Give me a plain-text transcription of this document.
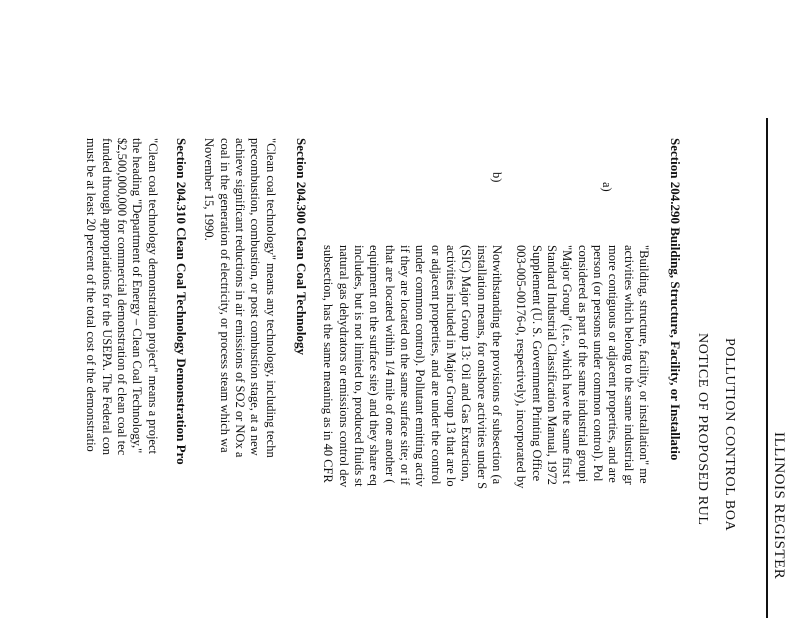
ILLINOIS REGISTER
POLLUTION CONTROL BOA
NOTICE OF PROPOSED RUL
Section 204.290 Building, Structure, Facility, or Installatio
a)
"Building, structure, facility, or installation" me
activities which belong to the same industrial gr
more contiguous or adjacent properties, and are
person (or persons under common control). Pol
considered as part of the same industrial groupi
"Major Group" (i.e., which have the same first t
Standard Industrial Classification Manual, 1972
Supplement (U. S. Government Printing Office
003-005-00176-0, respectively), incorporated by
b)
Notwithstanding the provisions of subsection (a
installation means, for onshore activities under S
(SIC) Major Group 13: Oil and Gas Extraction,
activities included in Major Group 13 that are lo
or adjacent properties, and are under the control
under common control). Pollutant emitting activ
if they are located on the same surface site; or if
that are located within 1/4 mile of one another (
equipment on the surface site) and they share eq
includes, but is not limited to, produced fluids st
natural gas dehydrators or emissions control dev
subsection, has the same meaning as in 40 CFR
Section 204.300 Clean Coal Technology
"Clean coal technology" means any technology, including techn
precombustion, combustion, or post combustion stage, at a new
achieve significant reductions in air emissions of SO2 or NOx a
coal in the generation of electricity, or process steam which wa
November 15, 1990.
Section 204.310 Clean Coal Technology Demonstration Pro
"Clean coal technology demonstration project" means a project
the heading "Department of Energy – Clean Coal Technology,"
$2,500,000,000 for commercial demonstration of clean coal tec
funded through appropriations for the USEPA. The Federal con
must be at least 20 percent of the total cost of the demonstratio
